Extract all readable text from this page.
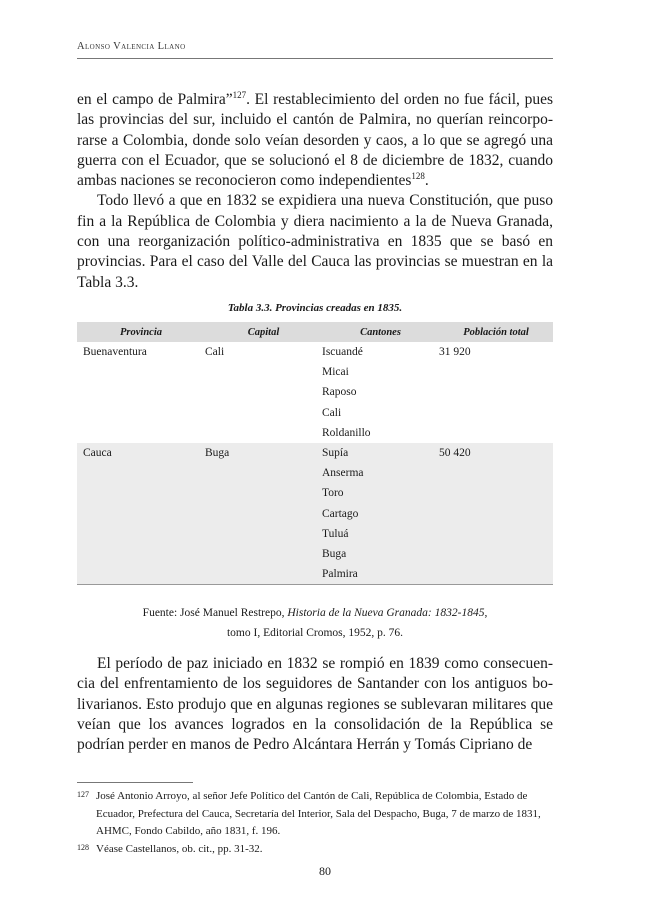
Alonso Valencia Llano

en el campo de Palmira”$^{127}$. El restablecimiento del orden no fue fácil, pues las provincias del sur, incluido el cantón de Palmira, no querían reincorporarse a Colombia, donde solo veían desorden y caos, a lo que se agregó una guerra con el Ecuador, que se solucionó el 8 de diciembre de 1832, cuando ambas naciones se reconocieron como independientes$^{128}$.

Todo llevó a que en 1832 se expidiera una nueva Constitución, que puso fin a la República de Colombia y diera nacimiento a la de Nueva Granada, con una reorganización político-administrativa en 1835 que se basó en provincias. Para el caso del Valle del Cauca las provincias se muestran en la Tabla 3.3.

Tabla 3.3. Provincias creadas en 1835.
Provincia	Capital	Cantones	Población total
Buenaventura	Cali	Iscuandé	31 920
		Micai	
		Raposo	
		Cali	
		Roldanillo	
Cauca	Buga	Supía	50 420
		Anserma	
		Toro	
		Cartago	
		Tuluá	
		Buga	
		Palmira	
Fuente: José Manuel Restrepo, Historia de la Nueva Granada: 1832-1845,
tomo I, Editorial Cromos, 1952, p. 76.

El período de paz iniciado en 1832 se rompió en 1839 como consecuencia del enfrentamiento de los seguidores de Santander con los antiguos bolivarianos. Esto produjo que en algunas regiones se sublevaran militares que veían que los avances logrados en la consolidación de la República se podrían perder en manos de Pedro Alcántara Herrán y Tomás Cipriano de

127 José Antonio Arroyo, al señor Jefe Político del Cantón de Cali, República de Colombia, Estado de Ecuador, Prefectura del Cauca, Secretaría del Interior, Sala del Despacho, Buga, 7 de marzo de 1831, AHMC, Fondo Cabildo, año 1831, f. 196.
128 Véase Castellanos, ob. cit., pp. 31-32.
80
